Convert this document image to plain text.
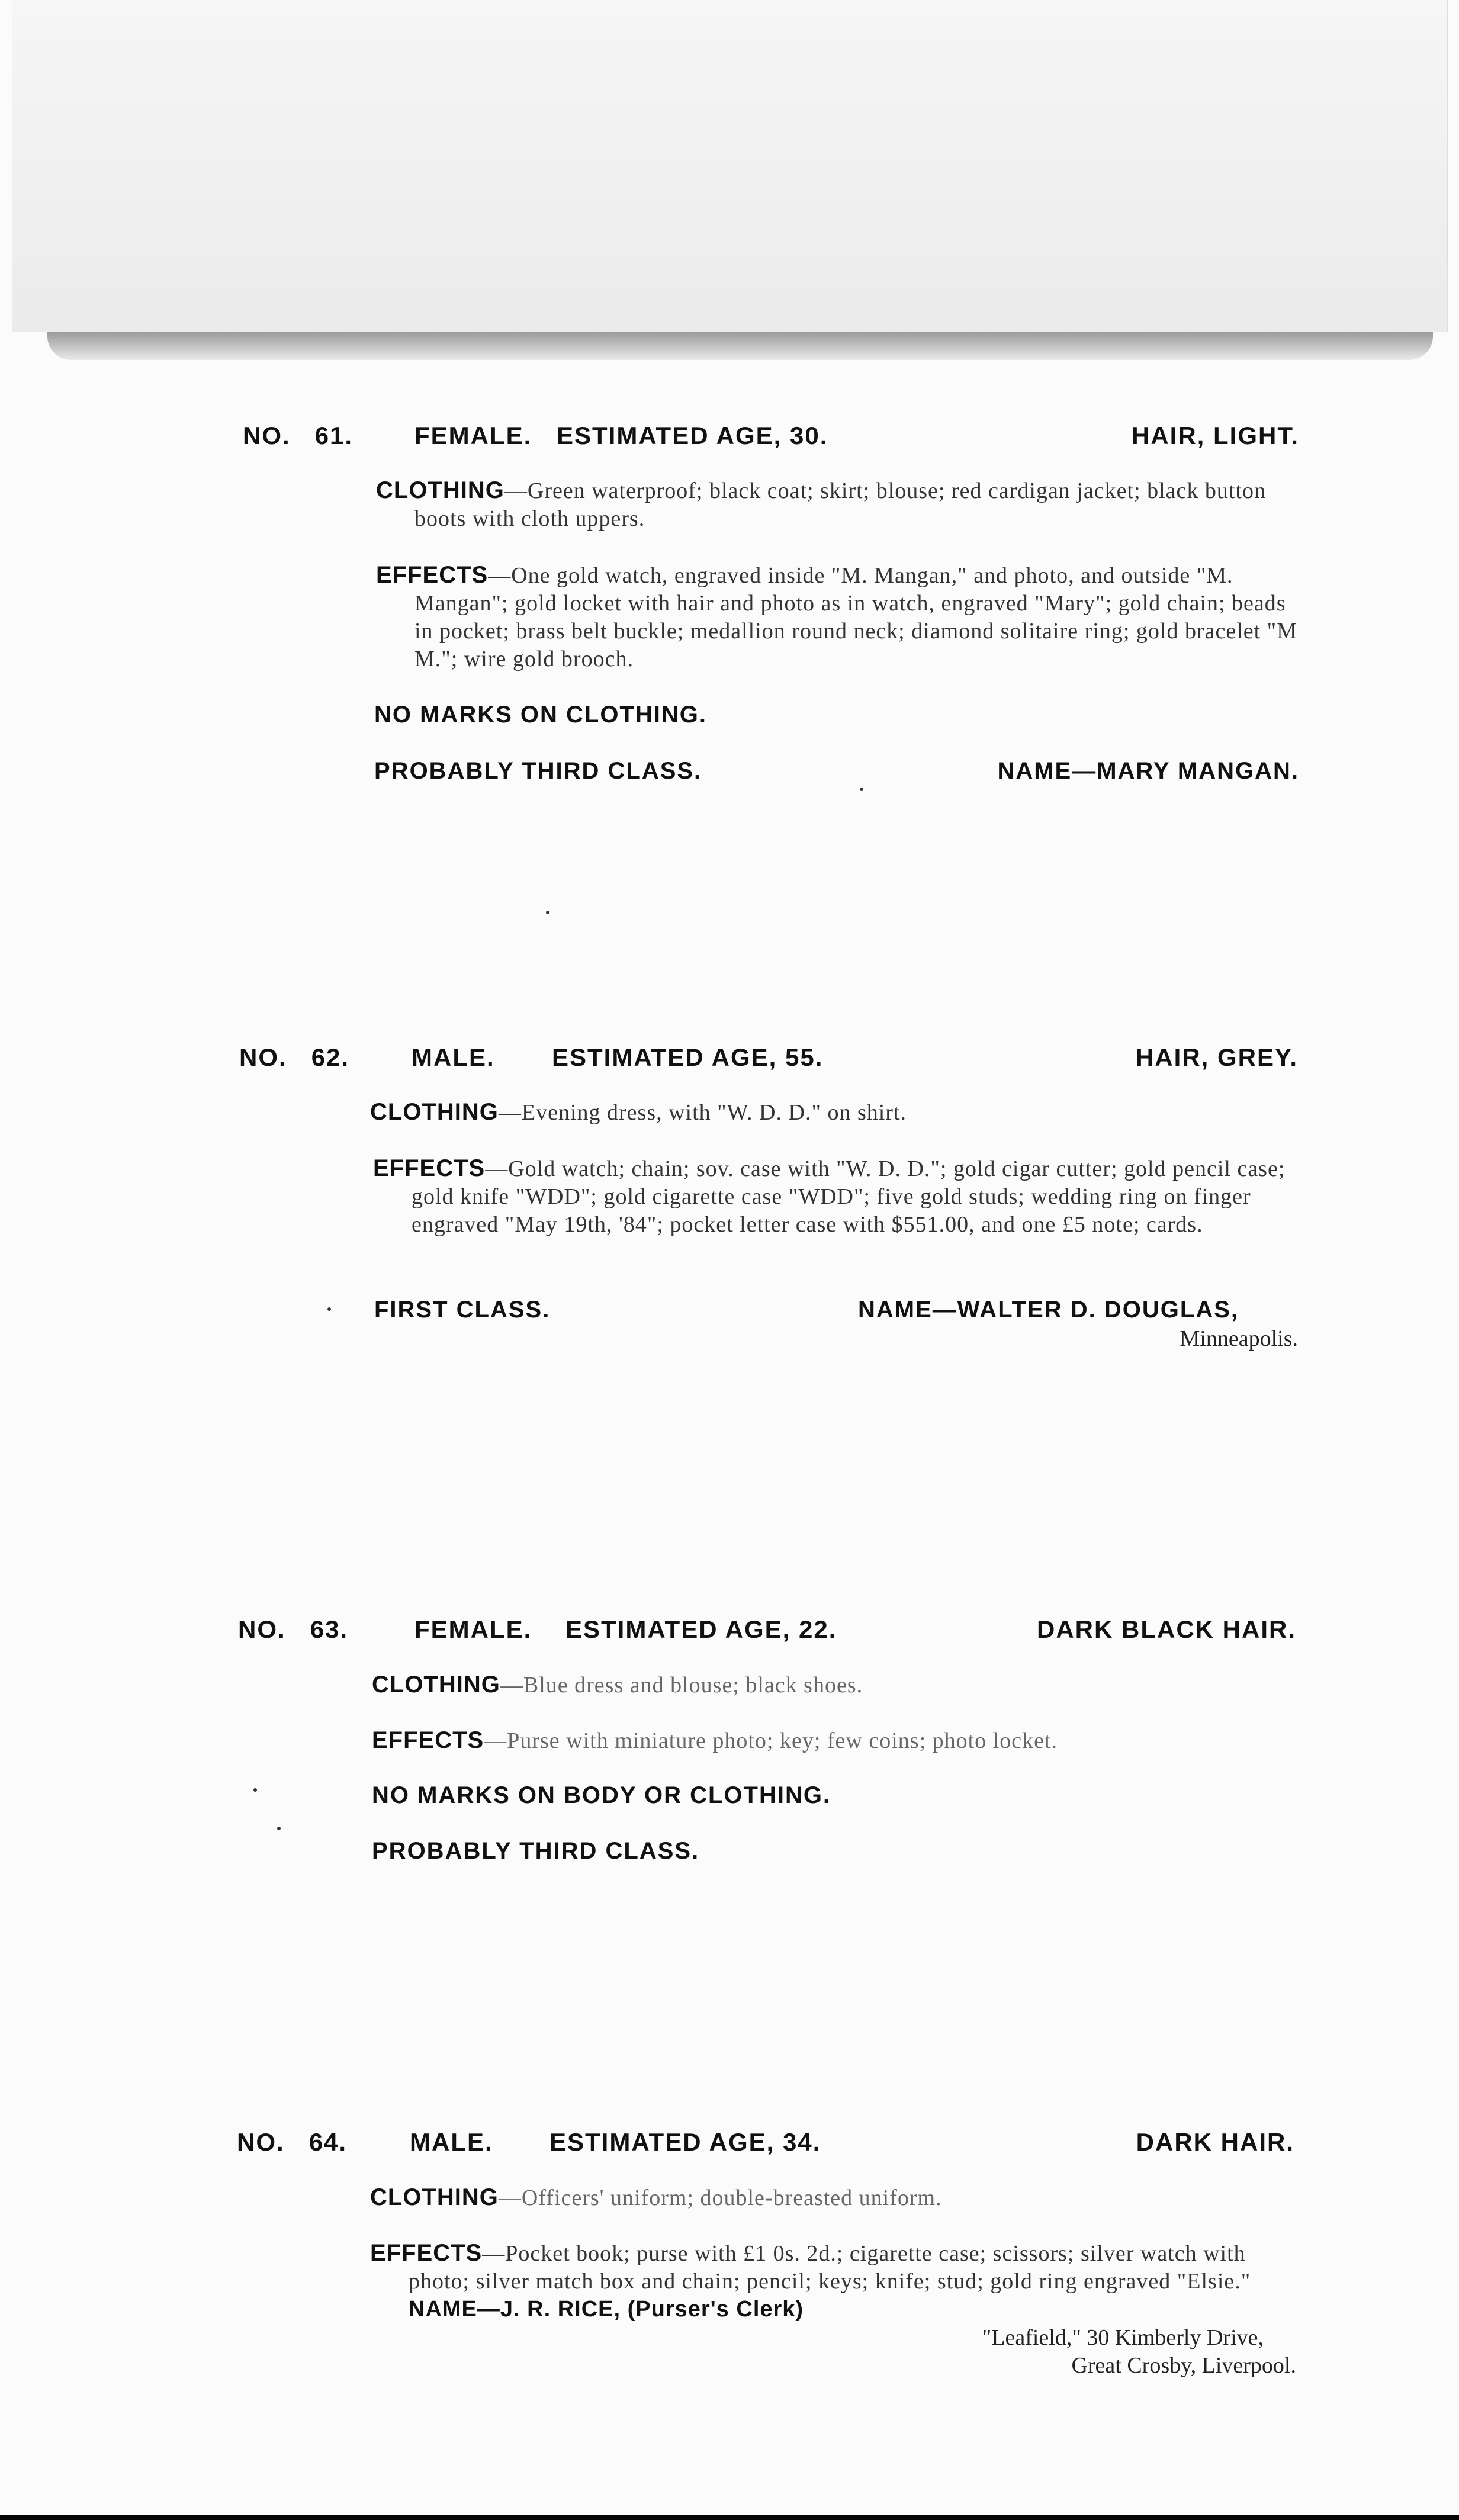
NO. 61. FEMALE. ESTIMATED AGE, 30.	HAIR, LIGHT.
CLOTHING—Green waterproof; black coat; skirt; blouse; red cardigan jacket; black button boots with cloth uppers.
EFFECTS—One gold watch, engraved inside "M. Mangan," and photo, and outside "M. Mangan"; gold locket with hair and photo as in watch, engraved "Mary"; gold chain; beads in pocket; brass belt buckle; medallion round neck; diamond solitaire ring; gold bracelet "M M."; wire gold brooch.
NO MARKS ON CLOTHING.
PROBABLY THIRD CLASS.	NAME—MARY MANGAN.
NO. 62. MALE. ESTIMATED AGE, 55.	HAIR, GREY.
CLOTHING—Evening dress, with "W. D. D." on shirt.
EFFECTS—Gold watch; chain; sov. case with "W. D. D."; gold cigar cutter; gold pencil case; gold knife "WDD"; gold cigarette case "WDD"; five gold studs; wedding ring on finger engraved "May 19th, '84"; pocket letter case with $551.00, and one £5 note; cards.
FIRST CLASS.	NAME—WALTER D. DOUGLAS,
Minneapolis.
NO. 63.	FEMALE. ESTIMATED AGE, 22.	DARK BLACK HAIR.
CLOTHING—Blue dress and blouse; black shoes.
EFFECTS—Purse with miniature photo; key; few coins; photo locket.
NO MARKS ON BODY OR CLOTHING.
PROBABLY THIRD CLASS.
NO. 64.	MALE. ESTIMATED AGE, 34.	DARK HAIR.
CLOTHING—Officers' uniform; double-breasted uniform.
EFFECTS—Pocket book; purse with £1 0s. 2d.; cigarette case; scissors; silver watch with photo; silver match box and chain; pencil; keys; knife; stud; gold ring engraved "Elsie." NAME—J. R. RICE, (Purser's Clerk)
"Leafield," 30 Kimberly Drive,
Great Crosby, Liverpool.
